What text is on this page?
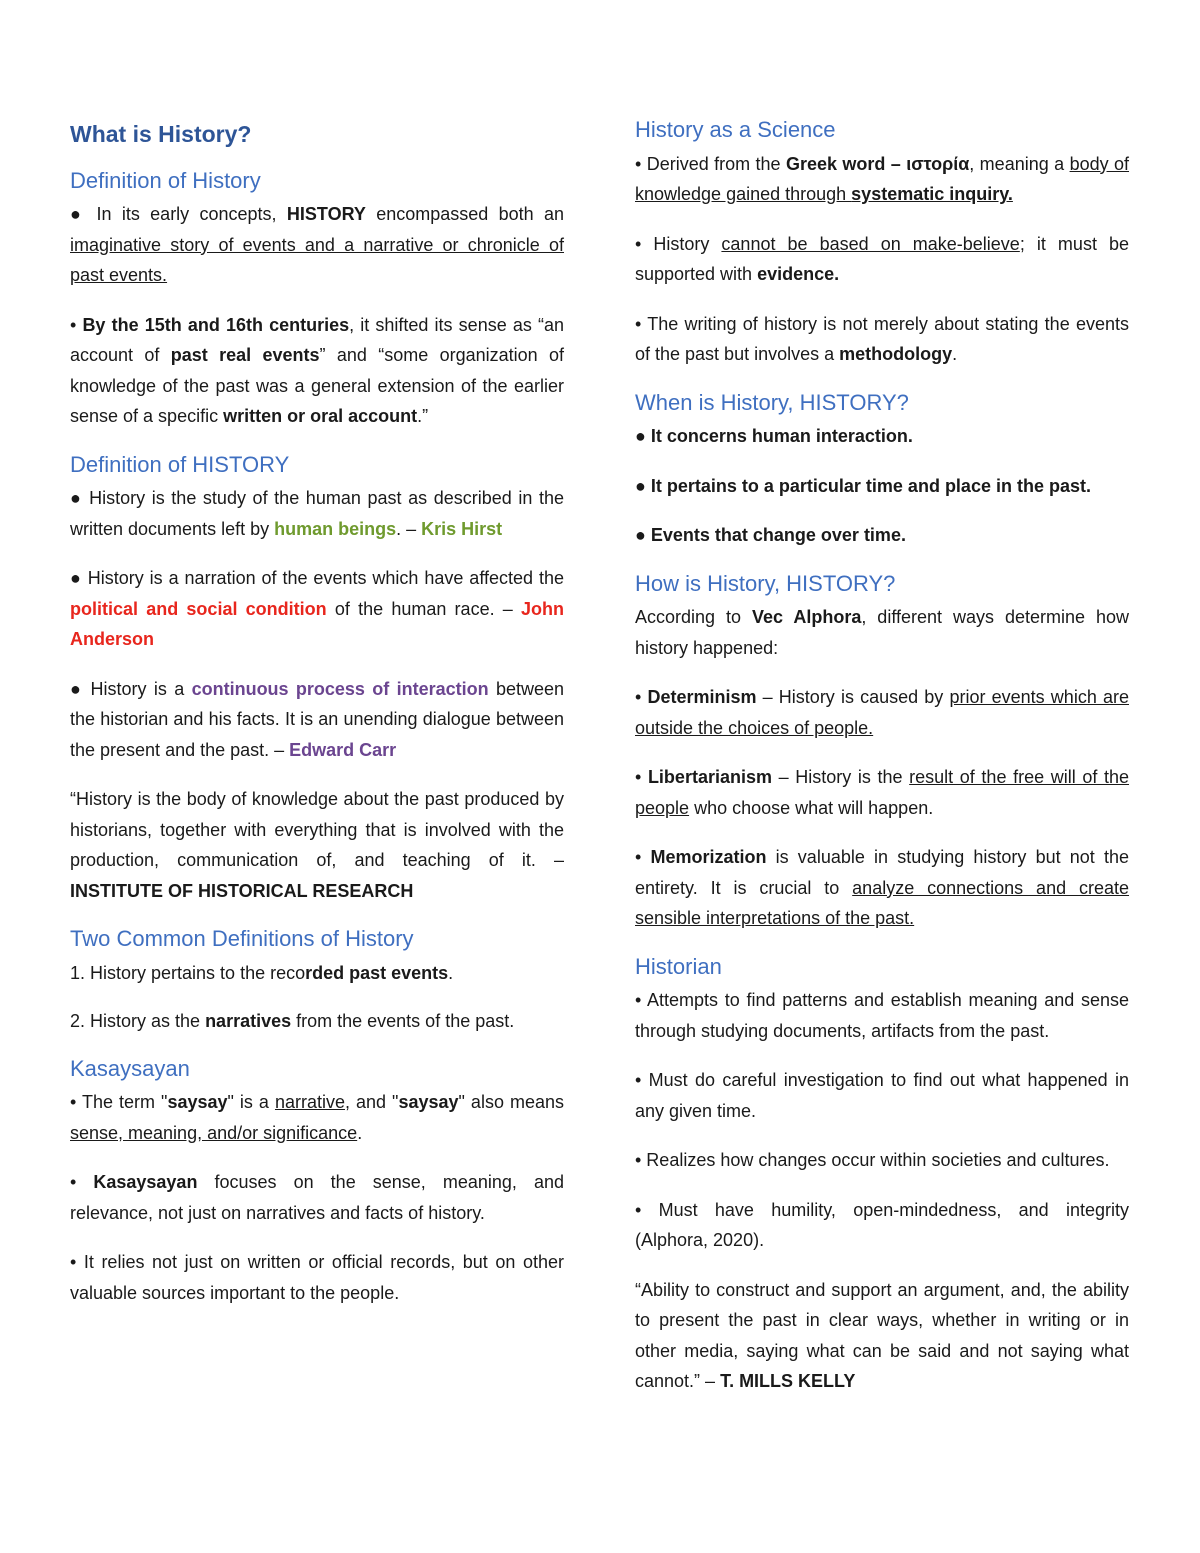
What is History?
Definition of History

● In its early concepts, HISTORY encompassed both an imaginative story of events and a narrative or chronicle of past events.

• By the 15th and 16th centuries, it shifted its sense as “an account of past real events” and “some organization of knowledge of the past was a general extension of the earlier sense of a specific written or oral account.”

Definition of HISTORY

● History is the study of the human past as described in the written documents left by human beings. – Kris Hirst

● History is a narration of the events which have affected the political and social condition of the human race. – John Anderson

● History is a continuous process of interaction between the historian and his facts. It is an unending dialogue between the present and the past. – Edward Carr

“History is the body of knowledge about the past produced by historians, together with everything that is involved with the production, communication of, and teaching of it. – INSTITUTE OF HISTORICAL RESEARCH

Two Common Definitions of History

1. History pertains to the recorded past events.

2. History as the narratives from the events of the past.

Kasaysayan

• The term "saysay" is a narrative, and "saysay" also means sense, meaning, and/or significance.

• Kasaysayan focuses on the sense, meaning, and relevance, not just on narratives and facts of history.

• It relies not just on written or official records, but on other valuable sources important to the people.

History as a Science

• Derived from the Greek word – ιστορία, meaning a body of knowledge gained through systematic inquiry.

• History cannot be based on make-believe; it must be supported with evidence.

• The writing of history is not merely about stating the events of the past but involves a methodology.

When is History, HISTORY?

● It concerns human interaction.

● It pertains to a particular time and place in the past.

● Events that change over time.

How is History, HISTORY?

According to Vec Alphora, different ways determine how history happened:

• Determinism – History is caused by prior events which are outside the choices of people.

• Libertarianism – History is the result of the free will of the people who choose what will happen.

• Memorization is valuable in studying history but not the entirety. It is crucial to analyze connections and create sensible interpretations of the past.

Historian

• Attempts to find patterns and establish meaning and sense through studying documents, artifacts from the past.

• Must do careful investigation to find out what happened in any given time.

• Realizes how changes occur within societies and cultures.

• Must have humility, open-mindedness, and integrity (Alphora, 2020).

“Ability to construct and support an argument, and, the ability to present the past in clear ways, whether in writing or in other media, saying what can be said and not saying what cannot.” – T. MILLS KELLY
